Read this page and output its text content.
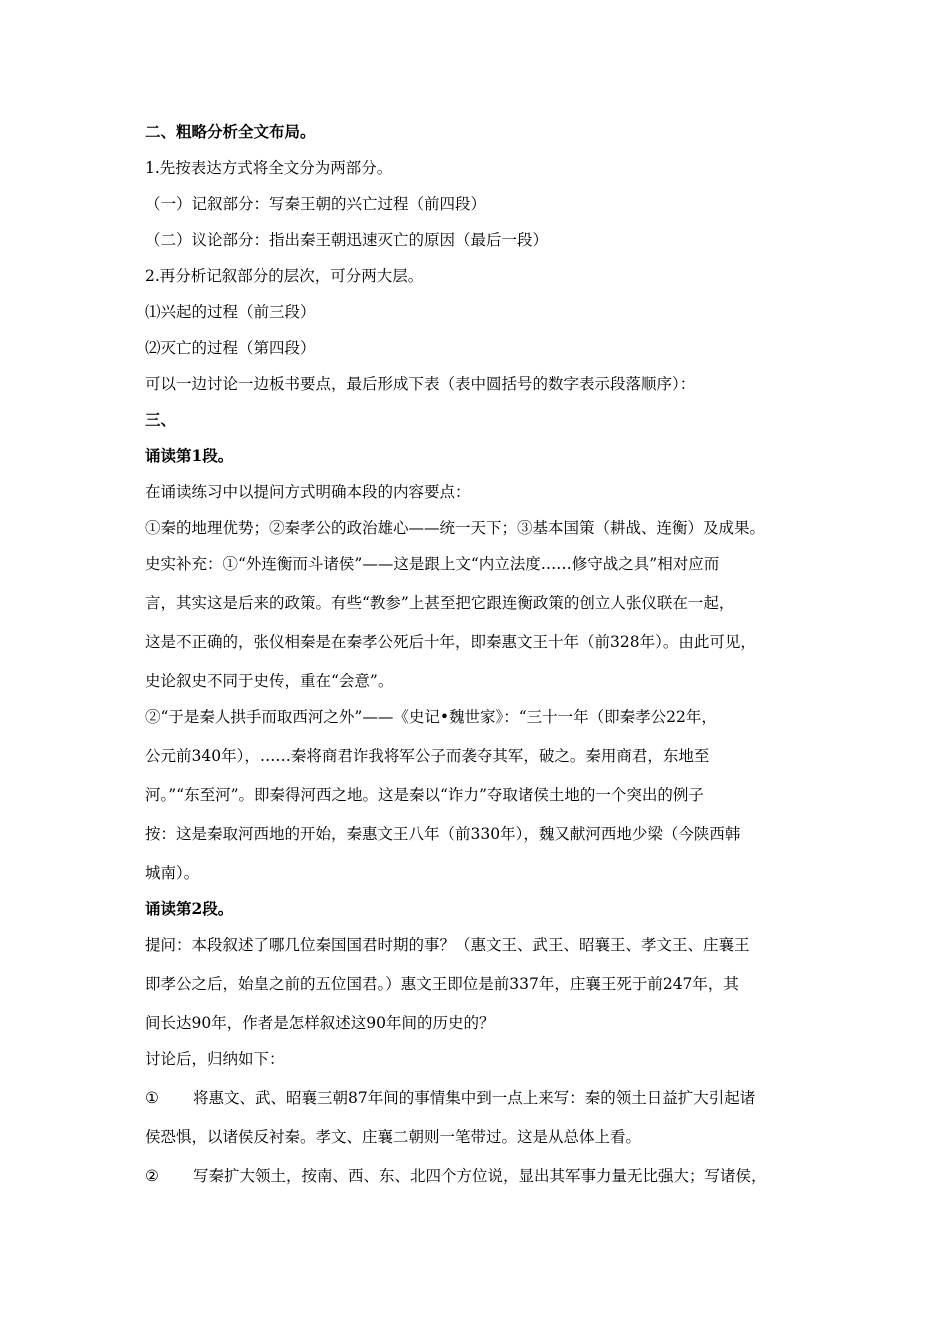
二、粗略分析全文布局。

1.先按表达方式将全文分为两部分。

（一）记叙部分：写秦王朝的兴亡过程（前四段）

（二）议论部分：指出秦王朝迅速灭亡的原因（最后一段）

2.再分析记叙部分的层次，可分两大层。

⑴兴起的过程（前三段）

⑵灭亡的过程（第四段）

可以一边讨论一边板书要点，最后形成下表（表中圆括号的数字表示段落顺序）：

三、

诵读第1段。

在诵读练习中以提问方式明确本段的内容要点：

①秦的地理优势；②秦孝公的政治雄心——统一天下；③基本国策（耕战、连衡）及成果。

史实补充：①“外连衡而斗诸侯”——这是跟上文“内立法度……修守战之具”相对应而

言，其实这是后来的政策。有些“教参”上甚至把它跟连衡政策的创立人张仪联在一起，

这是不正确的，张仪相秦是在秦孝公死后十年，即秦惠文王十年（前328年）。由此可见，

史论叙史不同于史传，重在“会意”。

②“于是秦人拱手而取西河之外”——《史记•魏世家》：“三十一年（即秦孝公22年，

公元前340年），……秦将商君诈我将军公子而袭夺其军，破之。秦用商君，东地至

河。”“东至河”。即秦得河西之地。这是秦以“诈力”夺取诸侯土地的一个突出的例子

按：这是秦取河西地的开始，秦惠文王八年（前330年），魏又献河西地少梁（今陕西韩

城南）。

诵读第2段。

提问：本段叙述了哪几位秦国国君时期的事？（惠文王、武王、昭襄王、孝文王、庄襄王

即孝公之后，始皇之前的五位国君。）惠文王即位是前337年，庄襄王死于前247年，其

间长达90年，作者是怎样叙述这90年间的历史的？

讨论后，归纳如下：

① 将惠文、武、昭襄三朝87年间的事情集中到一点上来写：秦的领土日益扩大引起诸

侯恐惧，以诸侯反衬秦。孝文、庄襄二朝则一笔带过。这是从总体上看。

② 写秦扩大领土，按南、西、东、北四个方位说，显出其军事力量无比强大；写诸侯，
